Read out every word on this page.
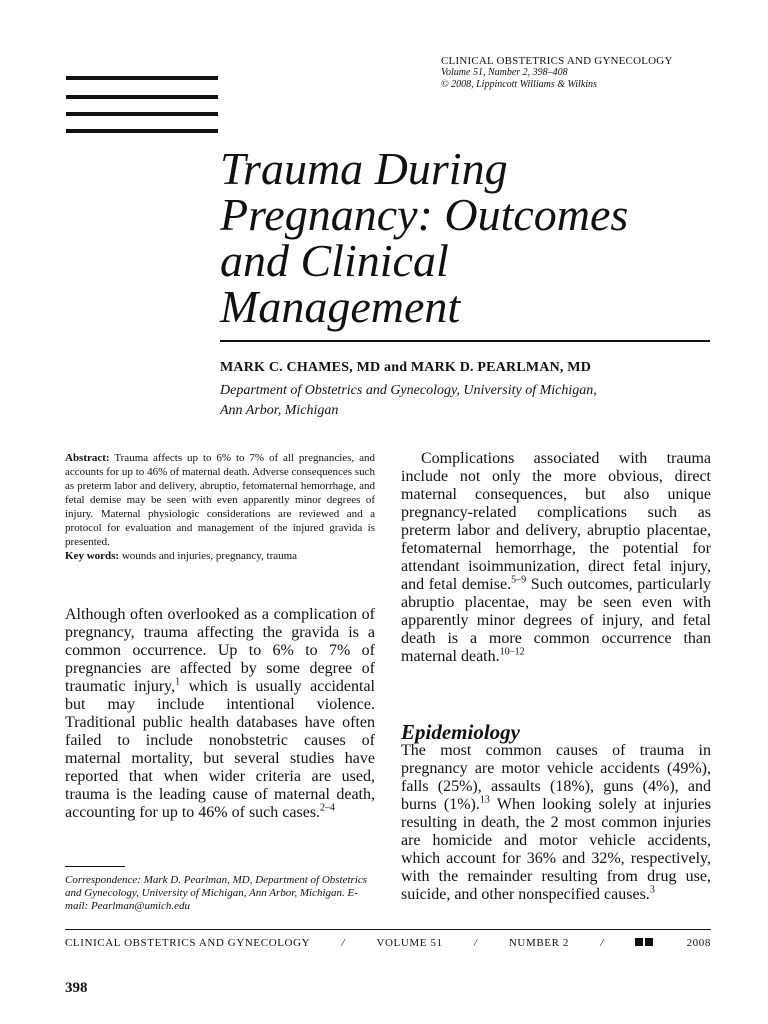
CLINICAL OBSTETRICS AND GYNECOLOGY
Volume 51, Number 2, 398–408
© 2008, Lippincott Williams & Wilkins
Trauma During
Pregnancy: Outcomes
and Clinical
Management
MARK C. CHAMES, MD and MARK D. PEARLMAN, MD
Department of Obstetrics and Gynecology, University of Michigan,
Ann Arbor, Michigan
Abstract: Trauma affects up to 6% to 7% of all pregnancies, and accounts for up to 46% of maternal death. Adverse consequences such as preterm labor and delivery, abruptio, fetomaternal hemorrhage, and fetal demise may be seen with even apparently minor degrees of injury. Maternal physiologic considerations are reviewed and a protocol for evaluation and management of the injured gravida is presented.
Key words: wounds and injuries, pregnancy, trauma
Although often overlooked as a complication of pregnancy, trauma affecting the gravida is a common occurrence. Up to 6% to 7% of pregnancies are affected by some degree of traumatic injury,$^1$ which is usually accidental but may include intentional violence. Traditional public health databases have often failed to include nonobstetric causes of maternal mortality, but several studies have reported that when wider criteria are used, trauma is the leading cause of maternal death, accounting for up to 46% of such cases.$^{2-4}$
Correspondence: Mark D. Pearlman, MD, Department of Obstetrics and Gynecology, University of Michigan, Ann Arbor, Michigan. E-mail: Pearlman@umich.edu
Complications associated with trauma include not only the more obvious, direct maternal consequences, but also unique pregnancy-related complications such as preterm labor and delivery, abruptio placentae, fetomaternal hemorrhage, the potential for attendant isoimmunization, direct fetal injury, and fetal demise.$^{5-9}$ Such outcomes, particularly abruptio placentae, may be seen even with apparently minor degrees of injury, and fetal death is a more common occurrence than maternal death.$^{10-12}$
Epidemiology
The most common causes of trauma in pregnancy are motor vehicle accidents (49%), falls (25%), assaults (18%), guns (4%), and burns (1%).$^{13}$ When looking solely at injuries resulting in death, the 2 most common injuries are homicide and motor vehicle accidents, which account for 36% and 32%, respectively, with the remainder resulting from drug use, suicide, and other nonspecified causes.$^3$
CLINICAL OBSTETRICS AND GYNECOLOGY	/	VOLUME 51	/	NUMBER 2	/	2008
398
